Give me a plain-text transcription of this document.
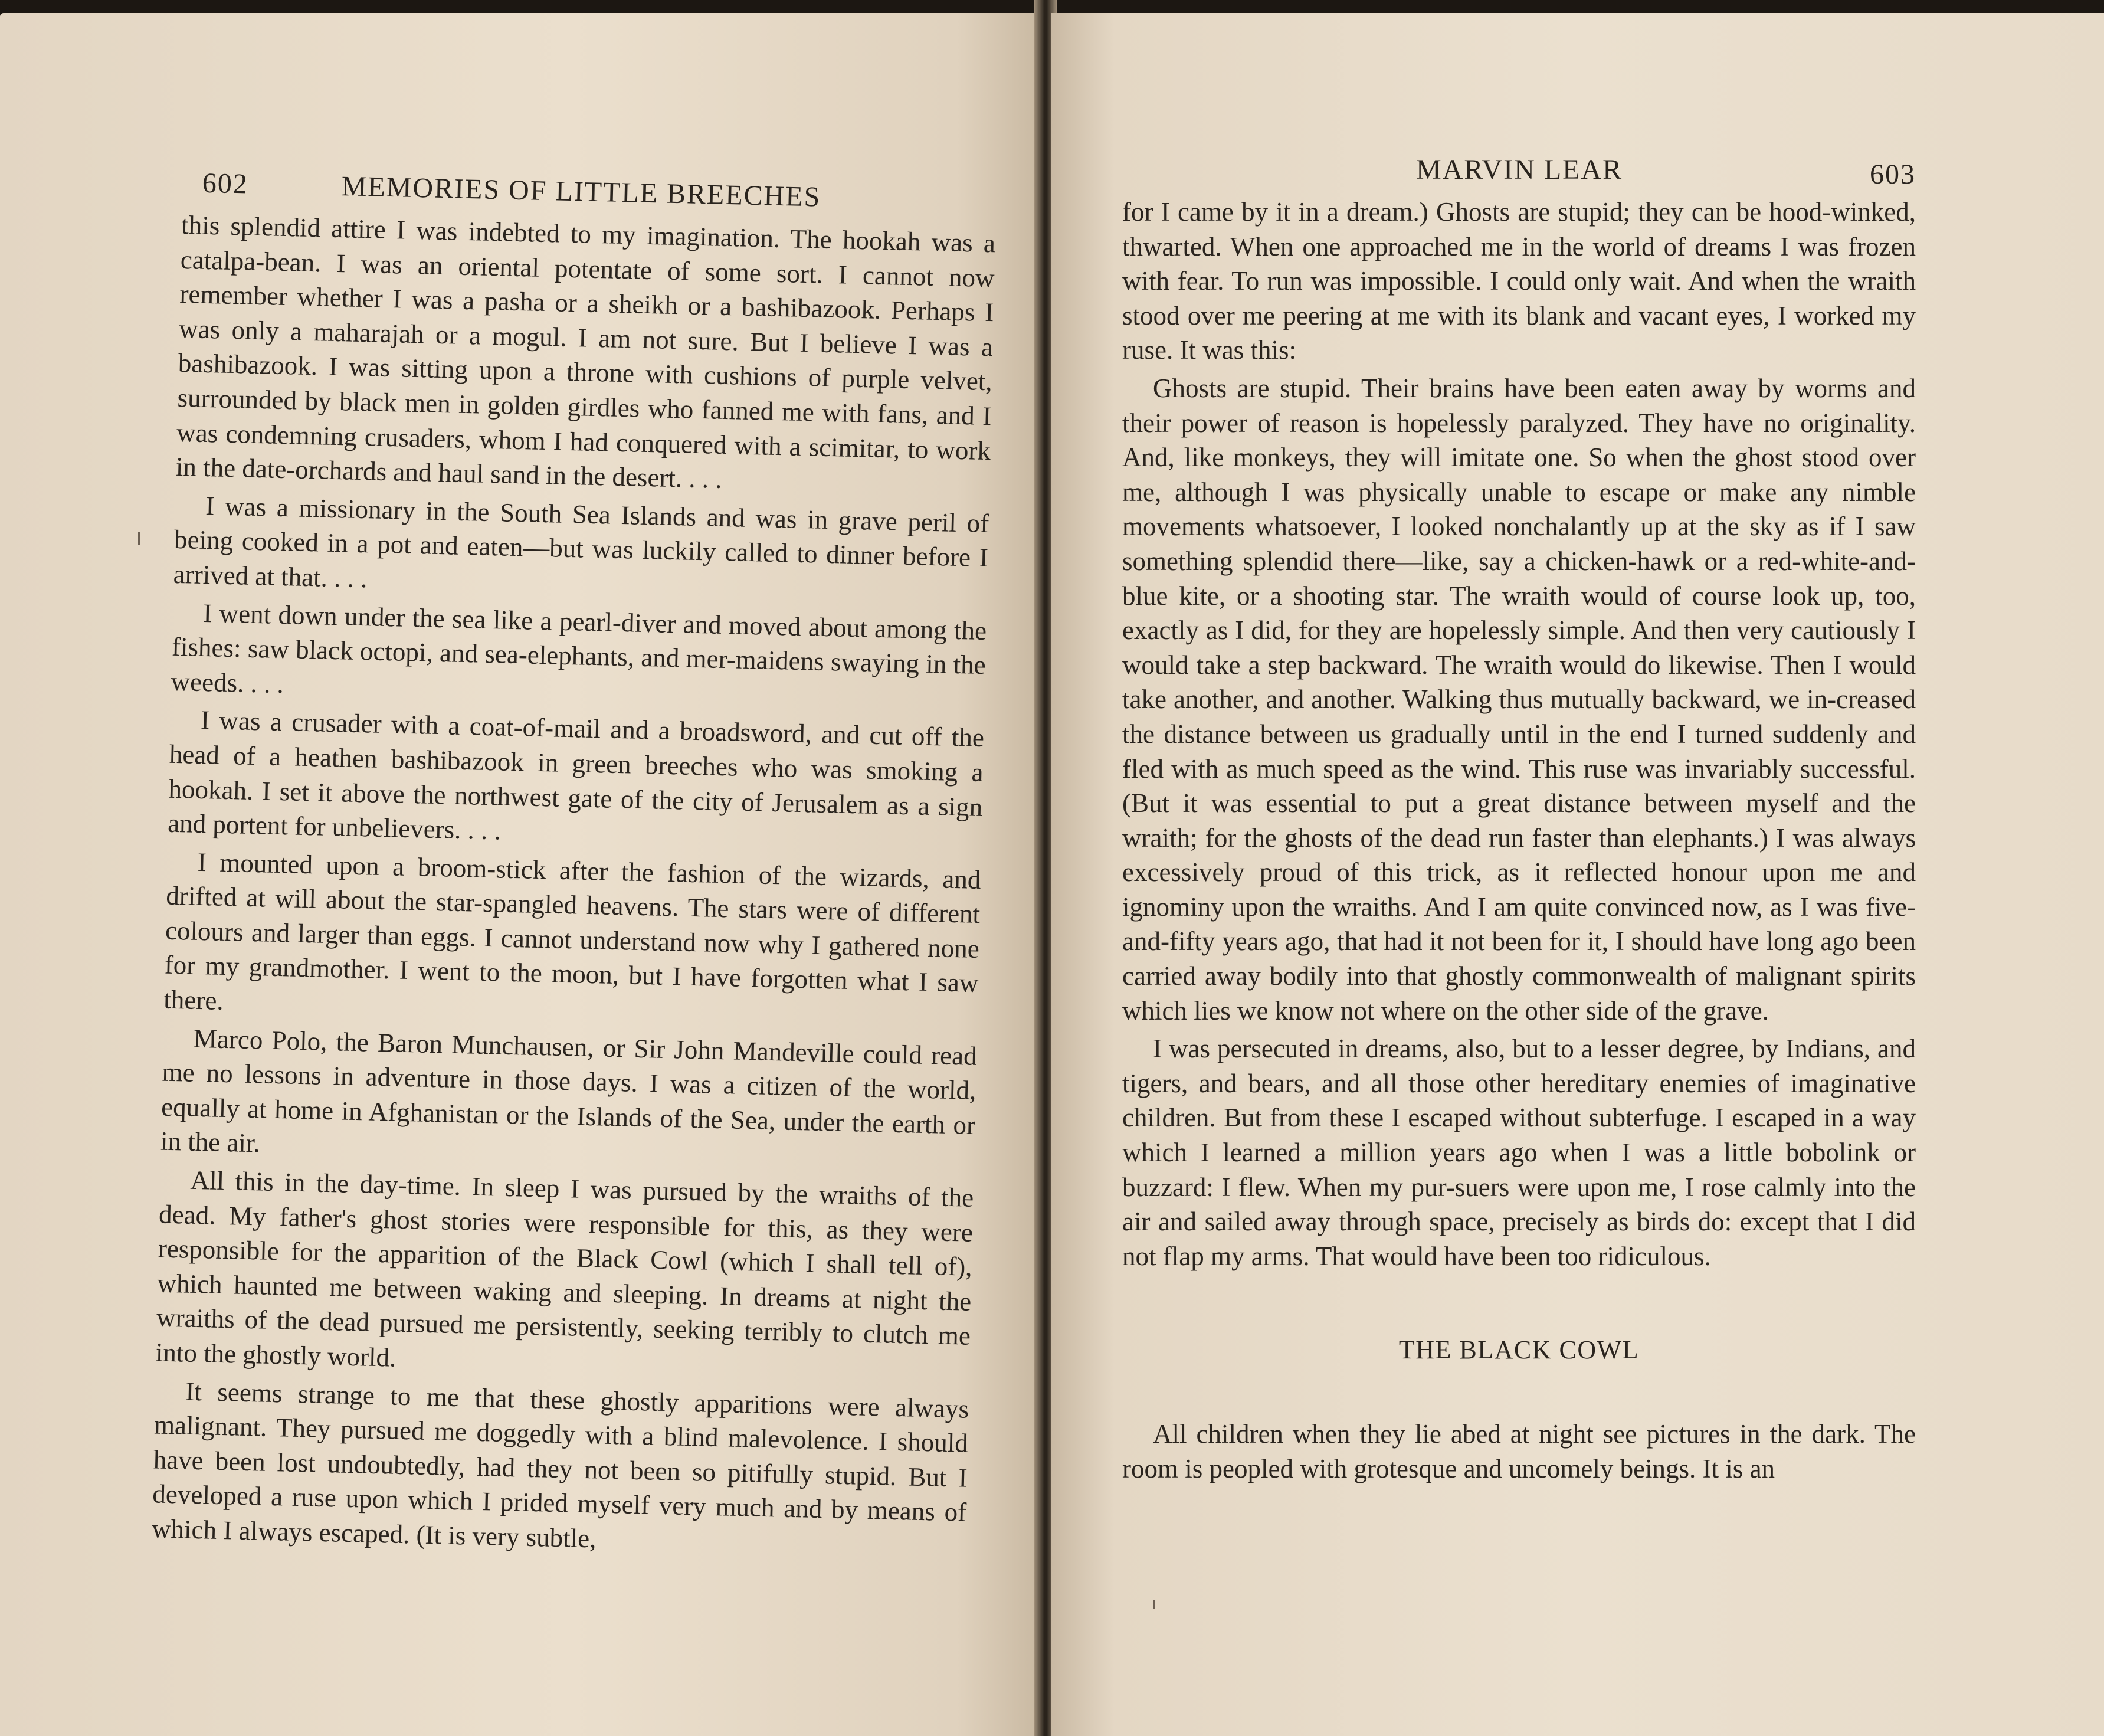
602	MEMORIES OF LITTLE BREECHES

this splendid attire I was indebted to my imagination. The hookah was a catalpa-bean. I was an oriental potentate of some sort. I cannot now remember whether I was a pasha or a sheikh or a bashibazook. Perhaps I was only a maharajah or a mogul. I am not sure. But I believe I was a bashibazook. I was sitting upon a throne with cushions of purple velvet, surrounded by black men in golden girdles who fanned me with fans, and I was condemning crusaders, whom I had conquered with a scimitar, to work in the date-orchards and haul sand in the desert. . . .

I was a missionary in the South Sea Islands and was in grave peril of being cooked in a pot and eaten—but was luckily called to dinner before I arrived at that. . . .

I went down under the sea like a pearl-diver and moved about among the fishes: saw black octopi, and sea-elephants, and mer-maidens swaying in the weeds. . . .

I was a crusader with a coat-of-mail and a broadsword, and cut off the head of a heathen bashibazook in green breeches who was smoking a hookah. I set it above the northwest gate of the city of Jerusalem as a sign and portent for unbelievers. . . .

I mounted upon a broom-stick after the fashion of the wizards, and drifted at will about the star-spangled heavens. The stars were of different colours and larger than eggs. I cannot understand now why I gathered none for my grandmother. I went to the moon, but I have forgotten what I saw there.

Marco Polo, the Baron Munchausen, or Sir John Mandeville could read me no lessons in adventure in those days. I was a citizen of the world, equally at home in Afghanistan or the Islands of the Sea, under the earth or in the air.

All this in the day-time. In sleep I was pursued by the wraiths of the dead. My father's ghost stories were responsible for this, as they were responsible for the apparition of the Black Cowl (which I shall tell of), which haunted me between waking and sleeping. In dreams at night the wraiths of the dead pursued me persistently, seeking terribly to clutch me into the ghostly world.

It seems strange to me that these ghostly apparitions were always malignant. They pursued me doggedly with a blind malevolence. I should have been lost undoubtedly, had they not been so pitifully stupid. But I developed a ruse upon which I prided myself very much and by means of which I always escaped. (It is very subtle,

MARVIN LEAR	603

for I came by it in a dream.) Ghosts are stupid; they can be hood-winked, thwarted. When one approached me in the world of dreams I was frozen with fear. To run was impossible. I could only wait. And when the wraith stood over me peering at me with its blank and vacant eyes, I worked my ruse. It was this:

Ghosts are stupid. Their brains have been eaten away by worms and their power of reason is hopelessly paralyzed. They have no originality. And, like monkeys, they will imitate one. So when the ghost stood over me, although I was physically unable to escape or make any nimble movements whatsoever, I looked nonchalantly up at the sky as if I saw something splendid there—like, say a chicken-hawk or a red-white-and-blue kite, or a shooting star. The wraith would of course look up, too, exactly as I did, for they are hopelessly simple. And then very cautiously I would take a step backward. The wraith would do likewise. Then I would take another, and another. Walking thus mutually backward, we in-creased the distance between us gradually until in the end I turned suddenly and fled with as much speed as the wind. This ruse was invariably successful. (But it was essential to put a great distance between myself and the wraith; for the ghosts of the dead run faster than elephants.) I was always excessively proud of this trick, as it reflected honour upon me and ignominy upon the wraiths. And I am quite convinced now, as I was five-and-fifty years ago, that had it not been for it, I should have long ago been carried away bodily into that ghostly commonwealth of malignant spirits which lies we know not where on the other side of the grave.

I was persecuted in dreams, also, but to a lesser degree, by Indians, and tigers, and bears, and all those other hereditary enemies of imaginative children. But from these I escaped without subterfuge. I escaped in a way which I learned a million years ago when I was a little bobolink or buzzard: I flew. When my pur-suers were upon me, I rose calmly into the air and sailed away through space, precisely as birds do: except that I did not flap my arms. That would have been too ridiculous.

THE BLACK COWL

All children when they lie abed at night see pictures in the dark. The room is peopled with grotesque and uncomely beings. It is an
